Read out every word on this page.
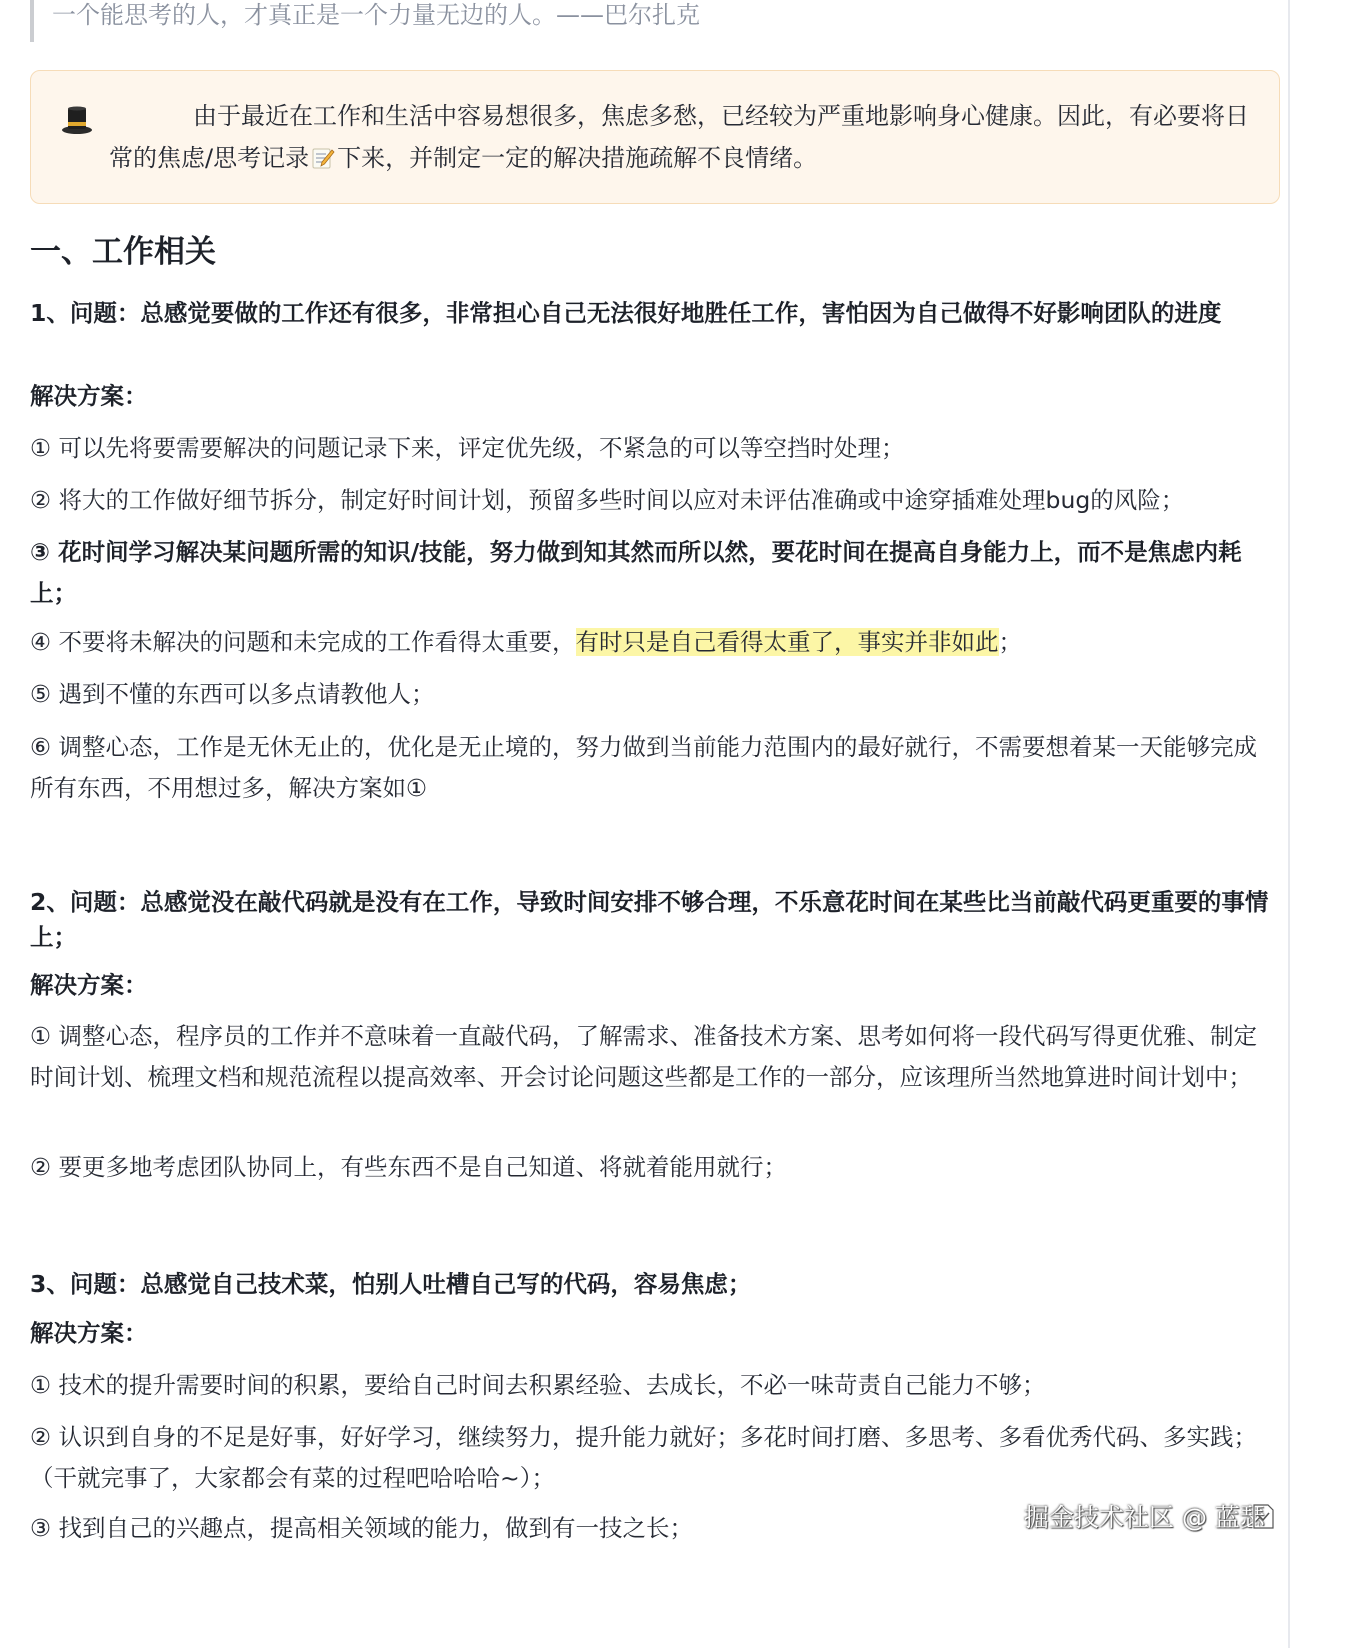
一个能思考的人，才真正是一个力量无边的人。——巴尔扎克
由于最近在工作和生活中容易想很多，焦虑多愁，已经较为严重地影响身心健康。因此，有必要将日常的焦虑/思考记录 下来，并制定一定的解决措施疏解不良情绪。
一、工作相关

1、问题：总感觉要做的工作还有很多，非常担心自己无法很好地胜任工作，害怕因为自己做得不好影响团队的进度

解决方案：

① 可以先将要需要解决的问题记录下来，评定优先级，不紧急的可以等空挡时处理；

② 将大的工作做好细节拆分，制定好时间计划，预留多些时间以应对未评估准确或中途穿插难处理bug的风险；

③ 花时间学习解决某问题所需的知识/技能，努力做到知其然而所以然，要花时间在提高自身能力上，而不是焦虑内耗上；

④ 不要将未解决的问题和未完成的工作看得太重要，有时只是自己看得太重了，事实并非如此；

⑤ 遇到不懂的东西可以多点请教他人；

⑥ 调整心态，工作是无休无止的，优化是无止境的，努力做到当前能力范围内的最好就行，不需要想着某一天能够完成所有东西，不用想过多，解决方案如①

2、问题：总感觉没在敲代码就是没有在工作，导致时间安排不够合理，不乐意花时间在某些比当前敲代码更重要的事情上；

解决方案：

① 调整心态，程序员的工作并不意味着一直敲代码，了解需求、准备技术方案、思考如何将一段代码写得更优雅、制定时间计划、梳理文档和规范流程以提高效率、开会讨论问题这些都是工作的一部分，应该理所当然地算进时间计划中；

② 要更多地考虑团队协同上，有些东西不是自己知道、将就着能用就行；

3、问题：总感觉自己技术菜，怕别人吐槽自己写的代码，容易焦虑；

解决方案：

① 技术的提升需要时间的积累，要给自己时间去积累经验、去成长，不必一味苛责自己能力不够；

② 认识到自身的不足是好事，好好学习，继续努力，提升能力就好；多花时间打磨、多思考、多看优秀代码、多实践；（干就完事了，大家都会有菜的过程吧哈哈哈~）；

③ 找到自己的兴趣点，提高相关领域的能力，做到有一技之长；	掘金技术社区 @ 蓝瑟
